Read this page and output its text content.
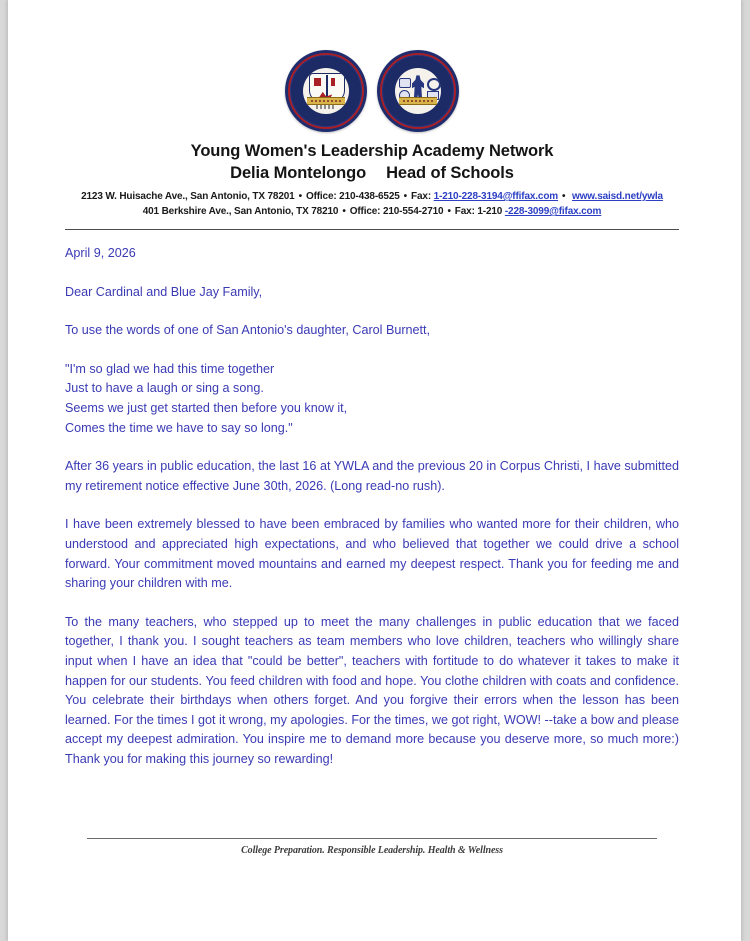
Young Women's Leadership Academy Network
Delia Montelongo Head of Schools
2123 W. Huisache Ave., San Antonio, TX 78201 • Office: 210-438-6525 • Fax: 1-210-228-3194@ffifax.com • www.saisd.net/ywla
401 Berkshire Ave., San Antonio, TX 78210 • Office: 210-554-2710 • Fax: 1-210 -228-3099@fifax.com

April 9, 2026

Dear Cardinal and Blue Jay Family,

To use the words of one of San Antonio's daughter, Carol Burnett,

"I'm so glad we had this time together

Just to have a laugh or sing a song.

Seems we just get started then before you know it,

Comes the time we have to say so long."

After 36 years in public education, the last 16 at YWLA and the previous 20 in Corpus Christi, I have submitted my retirement notice effective June 30th, 2026. (Long read-no rush).

I have been extremely blessed to have been embraced by families who wanted more for their children, who understood and appreciated high expectations, and who believed that together we could drive a school forward. Your commitment moved mountains and earned my deepest respect. Thank you for feeding me and sharing your children with me.

To the many teachers, who stepped up to meet the many challenges in public education that we faced together, I thank you. I sought teachers as team members who love children, teachers who willingly share input when I have an idea that "could be better", teachers with fortitude to do whatever it takes to make it happen for our students. You feed children with food and hope. You clothe children with coats and confidence. You celebrate their birthdays when others forget. And you forgive their errors when the lesson has been learned. For the times I got it wrong, my apologies. For the times, we got right, WOW! --take a bow and please accept my deepest admiration. You inspire me to demand more because you deserve more, so much more:) Thank you for making this journey so rewarding!

College Preparation. Responsible Leadership. Health & Wellness
